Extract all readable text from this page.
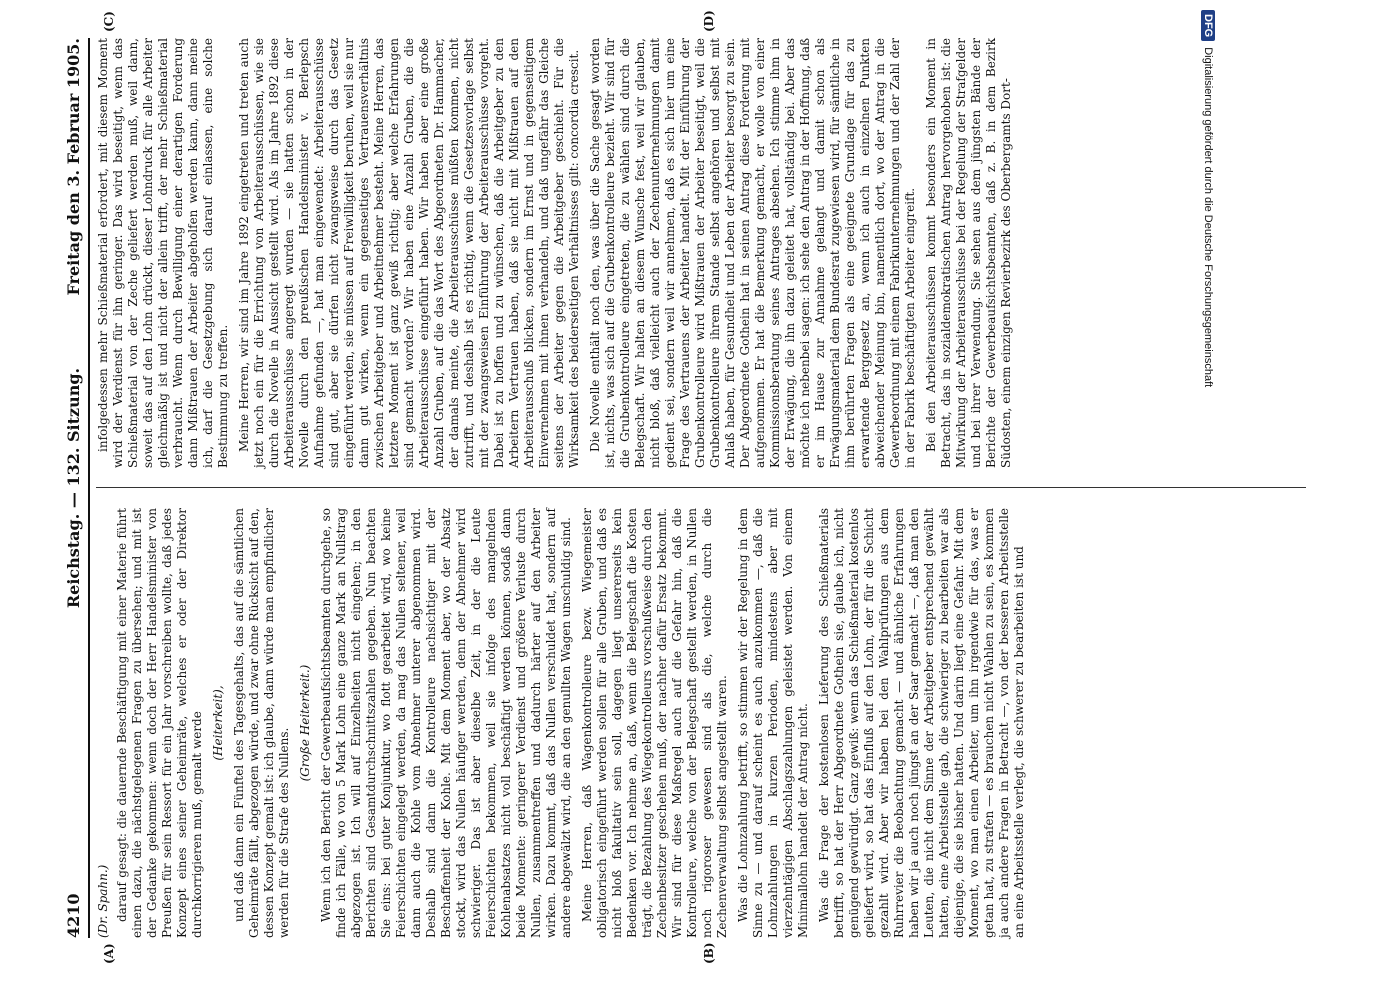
4210
Reichstag. — 132. Sitzung.
Freitag den 3. Februar 1905.
(A)	(B)
(C)	(D)

(Dr. Spahn.) darauf gesagt: die dauernde Beschäftigung mit einer Materie führt einen dazu, die nächstgelegenen Fragen zu übersehen; und mit ist der Gedanke gekommen: wenn doch der Herr Handelsminister von Preußen für sein Ressort für ein Jahr vorschreiben wollte, daß jedes Konzept eines seiner Geheimräte, welches er oder der Direktor durchkorrigieren muß, gemalt werde (Heiterkeit), und daß dann ein Fünftel des Tagesgehalts, das auf die sämtlichen Geheimräte fällt, abgezogen würde, und zwar ohne Rücksicht auf den, dessen Konzept gemalt ist: ich glaube, dann würde man empfindlicher werden für die Strafe des Nullens.

(Große Heiterkeit.) Wenn ich den Bericht der Gewerbeaufsichtsbeamten durchgehe, so finde ich Fälle, wo von 5 Mark Lohn eine ganze Mark an Nullstrag abgezogen ist. Ich will auf Einzelheiten nicht eingehen; in den Berichten sind Gesamtdurchschnittszahlen gegeben. Nun beachten Sie eins: bei guter Konjunktur, wo flott gearbeitet wird, wo keine Feierschichten eingelegt werden, da mag das Nullen seltener, weil dann auch die Kohle vom Abnehmer unterer abgenommen wird. Deshalb sind dann die Kontrolleure nachsichtiger mit der Beschaffenheit der Kohle. Mit dem Moment aber, wo der Absatz stockt, wird das Nullen häufiger werden, denn der Abnehmer wird schwieriger. Das ist aber dieselbe Zeit, in der die Leute Feierschichten bekommen, weil sie infolge des mangelnden Kohlenabsatzes nicht voll beschäftigt werden können, sodaß dann beide Momente: geringerer Verdienst und größere Verluste durch Nullen, zusammentreffen und dadurch härter auf den Arbeiter wirken. Dazu kommt, daß das Nullen verschuldet hat, sondern auf andere abgewälzt wird, die an den genullten Wagen unschuldig sind. Meine Herren, daß Wagenkontrolleure bezw. Wiegemeister obligatorisch eingeführt werden sollen für alle Gruben, und daß es nicht bloß fakultativ sein soll, dagegen liegt unsererseits kein Bedenken vor. Ich nehme an, daß, wenn die Belegschaft die Kosten trägt, die Bezahlung des Wiegekontrolleurs vorschußweise durch den Zechenbesitzer geschehen muß, der nachher dafür Ersatz bekommt. Wir sind für diese Maßregel auch auf die Gefahr hin, daß die Kontrolleure, welche von der Belegschaft gestellt werden, in Nullen noch rigoroser gewesen sind als die, welche durch die Zechenverwaltung selbst angestellt waren. Was die Lohnzahlung betrifft, so stimmen wir der Regelung in dem Sinne zu — und darauf scheint es auch anzukommen —, daß die Lohnzahlungen in kurzen Perioden, mindestens aber mit vierzehntägigen Abschlagszahlungen geleistet werden. Von einem Minimallohn handelt der Antrag nicht. Was die Frage der kostenlosen Lieferung des Schießmaterials betrifft, so hat der Herr Abgeordnete Gothein sie, glaube ich, nicht genügend gewürdigt. Ganz gewiß: wenn das Schießmaterial kostenlos geliefert wird, so hat das Einfluß auf den Lohn, der für die Schicht gezahlt wird. Aber wir haben bei den Wahlprüfungen aus dem Ruhrrevier die Beobachtung gemacht — und ähnliche Erfahrungen haben wir ja auch noch jüngst an der Saar gemacht —, daß man den Leuten, die nicht dem Sinne der Arbeitgeber entsprechend gewählt hatten, eine Arbeitsstelle gab, die schwieriger zu bearbeiten war als diejenige, die sie bisher hatten. Und darin liegt eine Gefahr. Mit dem Moment, wo man einen Arbeiter, um ihn irgendwie für das, was er getan hat, zu strafen — es brauchen nicht Wahlen zu sein, es kommen ja auch andere Fragen in Betracht —, von der besseren Arbeitsstelle an eine Arbeitsstelle verlegt, die schwerer zu bearbeiten ist und

infolgedessen mehr Schießmaterial erfordert, mit diesem Moment wird der Verdienst für ihn geringer. Das wird beseitigt, wenn das Schießmaterial von der Zeche geliefert werden muß, weil dann, soweit das auf den Lohn drückt, dieser Lohndruck für alle Arbeiter gleichmäßig ist und nicht der allein trifft, der mehr Schießmaterial verbraucht. Wenn durch Bewilligung einer derartigen Forderung dann Mißtrauen der Arbeiter abgeholfen werden kann, dann meine ich, darf die Gesetzgebung sich darauf einlassen, eine solche Bestimmung zu treffen. Meine Herren, wir sind im Jahre 1892 eingetreten und treten auch jetzt noch ein für die Errichtung von Arbeiterausschüssen, wie sie durch die Novelle in Aussicht gestellt wird. Als im Jahre 1892 diese Arbeiterausschüsse angeregt wurden — sie hatten schon in der Novelle durch den preußischen Handelsminister v. Berlepsch Aufnahme gefunden —, hat man eingewendet: Arbeiterausschüsse sind gut, aber sie dürfen nicht zwangsweise durch das Gesetz eingeführt werden, sie müssen auf Freiwilligkeit beruhen, weil sie nur dann gut wirken, wenn ein gegenseitiges Vertrauensverhältnis zwischen Arbeitgeber und Arbeitnehmer besteht. Meine Herren, das letztere Moment ist ganz gewiß richtig; aber welche Erfahrungen sind gemacht worden? Wir haben eine Anzahl Gruben, die die Arbeiterausschüsse eingeführt haben. Wir haben aber eine große Anzahl Gruben, auf die das Wort des Abgeordneten Dr. Hammacher, der damals meinte, die Arbeiterausschüsse müßten kommen, nicht zutrifft, und deshalb ist es richtig, wenn die Gesetzesvorlage selbst mit der zwangsweisen Einführung der Arbeiterausschüsse vorgeht. Dabei ist zu hoffen und zu wünschen, daß die Arbeitgeber zu den Arbeitern Vertrauen haben, daß sie nicht mit Mißtrauen auf den Arbeiterausschuß blicken, sondern im Ernst und in gegenseitigem Einvernehmen mit ihnen verhandeln, und daß ungefähr das Gleiche seitens der Arbeiter gegen die Arbeitgeber geschieht. Für die Wirksamkeit des beiderseitigen Verhältnisses gilt: concordia crescit. Die Novelle enthält noch den, was über die Sache gesagt worden ist, nichts, was sich auf die Grubenkontrolleure bezieht. Wir sind für die Grubenkontrolleure eingetreten, die zu wählen sind durch die Belegschaft. Wir halten an diesem Wunsche fest, weil wir glauben, nicht bloß, daß vielleicht auch der Zechenunternehmungen damit gedient sei, sondern weil wir annehmen, daß es sich hier um eine Frage des Vertrauens der Arbeiter handelt. Mit der Einführung der Grubenkontrolleure wird Mißtrauen der Arbeiter beseitigt, weil die Grubenkontrolleure ihrem Stande selbst angehören und selbst mit Anlaß haben, für Gesundheit und Leben der Arbeiter besorgt zu sein. Der Abgeordnete Gothein hat in seinen Antrag diese Forderung mit aufgenommen. Er hat die Bemerkung gemacht, er wolle von einer Kommissionsberatung seines Antrages absehen. Ich stimme ihm in der Erwägung, die ihn dazu geleitet hat, vollständig bei. Aber das möchte ich nebenbei sagen: ich sehe den Antrag in der Hoffnung, daß er im Hause zur Annahme gelangt und damit schon als Erwägungsmaterial dem Bundesrat zugewiesen wird, für sämtliche in ihm berührten Fragen als eine geeignete Grundlage für das zu erwartende Berggesetz an, wenn ich auch in einzelnen Punkten abweichender Meinung bin, namentlich dort, wo der Antrag in die Gewerbeordnung mit einem Fabrikunternehmungen und der Zahl der in der Fabrik beschäftigten Arbeiter eingreift. Bei den Arbeiterausschüssen kommt besonders ein Moment in Betracht, das in sozialdemokratischen Antrag hervorgehoben ist: die Mitwirkung der Arbeiterausschüsse bei der Regelung der Strafgelder und bei ihrer Verwendung. Sie sehen aus dem jüngsten Bände der Berichte der Gewerbeaufsichtsbeamten, daß z. B. in dem Bezirk Südosten, einem einzigen Revierbezirk des Oberbergamts Dort-

DFGDigitalisierung gefördert durch die Deutsche Forschungsgemeinschaft
